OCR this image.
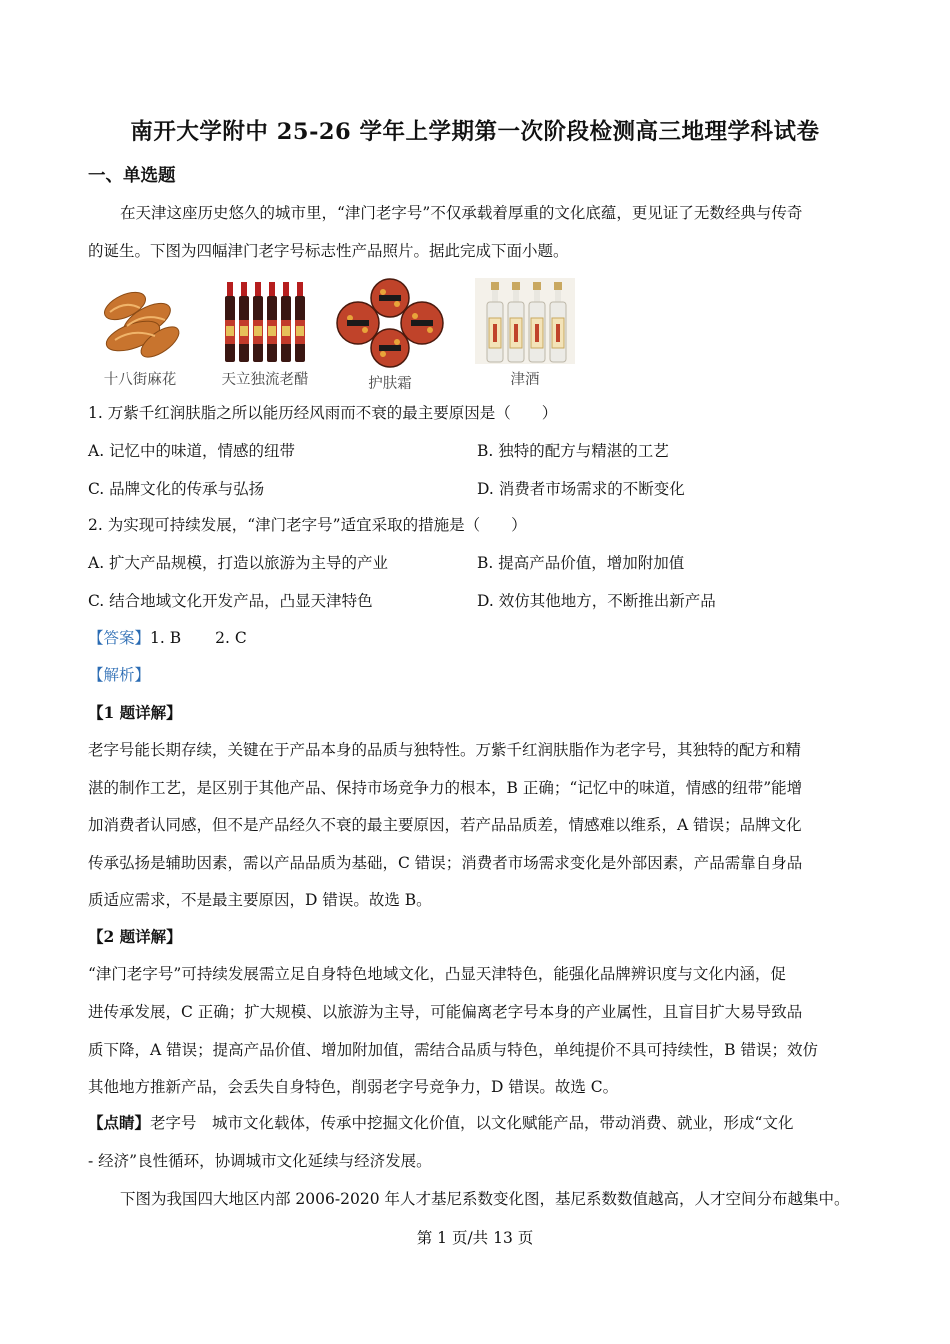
南开大学附中 25-26 学年上学期第一次阶段检测高三地理学科试卷
一、单选题
在天津这座历史悠久的城市里，“津门老字号”不仅承载着厚重的文化底蕴，更见证了无数经典与传奇
的诞生。下图为四幅津门老字号标志性产品照片。据此完成下面小题。
十八街麻花	天立独流老醋	护肤霜	津酒
1. 万紫千红润肤脂之所以能历经风雨而不衰的最主要原因是（　　）
A. 记忆中的味道，情感的纽带	B. 独特的配方与精湛的工艺
C. 品牌文化的传承与弘扬	D. 消费者市场需求的不断变化
2. 为实现可持续发展，“津门老字号”适宜采取的措施是（　　）
A. 扩大产品规模，打造以旅游为主导的产业	B. 提高产品价值，增加附加值
C. 结合地域文化开发产品，凸显天津特色	D. 效仿其他地方，不断推出新产品
【答案】1. B 2. C
【解析】
【1 题详解】
老字号能长期存续，关键在于产品本身的品质与独特性。万紫千红润肤脂作为老字号，其独特的配方和精
湛的制作工艺，是区别于其他产品、保持市场竞争力的根本，B 正确；“记忆中的味道，情感的纽带”能增
加消费者认同感，但不是产品经久不衰的最主要原因，若产品品质差，情感难以维系，A 错误；品牌文化
传承弘扬是辅助因素，需以产品品质为基础，C 错误；消费者市场需求变化是外部因素，产品需靠自身品
质适应需求，不是最主要原因，D 错误。故选 B。
【2 题详解】
“津门老字号”可持续发展需立足自身特色地域文化，凸显天津特色，能强化品牌辨识度与文化内涵，促
进传承发展，C 正确；扩大规模、以旅游为主导，可能偏离老字号本身的产业属性，且盲目扩大易导致品
质下降，A 错误；提高产品价值、增加附加值，需结合品质与特色，单纯提价不具可持续性，B 错误；效仿
其他地方推新产品，会丢失自身特色，削弱老字号竞争力，D 错误。故选 C。
【点睛】老字号　城市文化载体，传承中挖掘文化价值，以文化赋能产品，带动消费、就业，形成“文化
- 经济”良性循环，协调城市文化延续与经济发展。
下图为我国四大地区内部 2006-2020 年人才基尼系数变化图，基尼系数数值越高，人才空间分布越集中。
第 1 页/共 13 页
